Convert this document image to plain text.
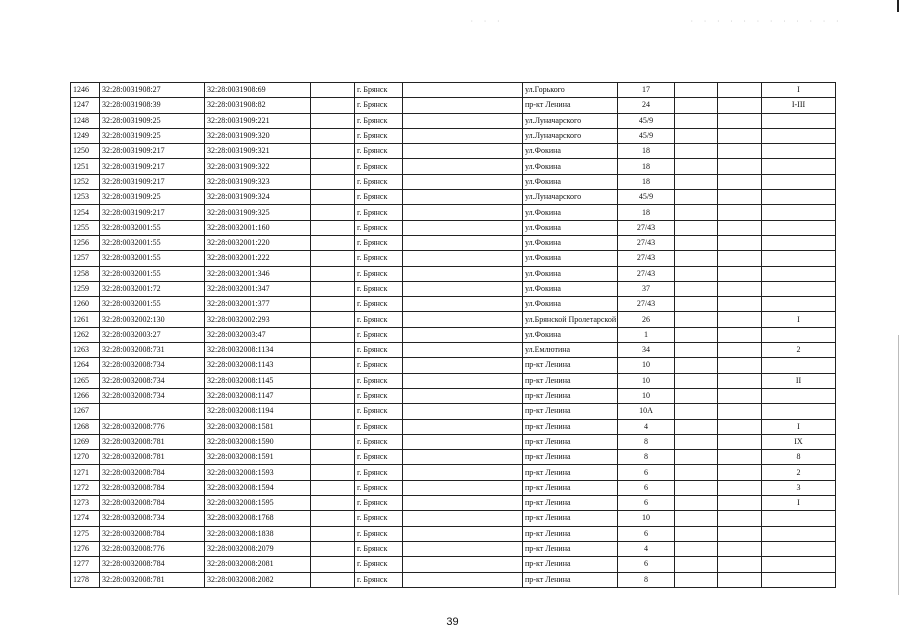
· · ·	· · · · · · · · · · · ·
1246	32:28:0031908:27	32:28:0031908:69		г. Брянск		ул.Горького	17			I
1247	32:28:0031908:39	32:28:0031908:82		г. Брянск		пр-кт Ленина	24			I-III
1248	32:28:0031909:25	32:28:0031909:221		г. Брянск		ул.Луначарского	45/9			
1249	32:28:0031909:25	32:28:0031909:320		г. Брянск		ул.Луначарского	45/9			
1250	32:28:0031909:217	32:28:0031909:321		г. Брянск		ул.Фокина	18			
1251	32:28:0031909:217	32:28:0031909:322		г. Брянск		ул.Фокина	18			
1252	32:28:0031909:217	32:28:0031909:323		г. Брянск		ул.Фокина	18			
1253	32:28:0031909:25	32:28:0031909:324		г. Брянск		ул.Луначарского	45/9			
1254	32:28:0031909:217	32:28:0031909:325		г. Брянск		ул.Фокина	18			
1255	32:28:0032001:55	32:28:0032001:160		г. Брянск		ул.Фокина	27/43			
1256	32:28:0032001:55	32:28:0032001:220		г. Брянск		ул.Фокина	27/43			
1257	32:28:0032001:55	32:28:0032001:222		г. Брянск		ул.Фокина	27/43			
1258	32:28:0032001:55	32:28:0032001:346		г. Брянск		ул.Фокина	27/43			
1259	32:28:0032001:72	32:28:0032001:347		г. Брянск		ул.Фокина	37			
1260	32:28:0032001:55	32:28:0032001:377		г. Брянск		ул.Фокина	27/43			
1261	32:28:0032002:130	32:28:0032002:293		г. Брянск		ул.Брянской Пролетарской	26			I
1262	32:28:0032003:27	32:28:0032003:47		г. Брянск		ул.Фокина	1			
1263	32:28:0032008:731	32:28:0032008:1134		г. Брянск		ул.Емлютина	34			2
1264	32:28:0032008:734	32:28:0032008:1143		г. Брянск		пр-кт Ленина	10			
1265	32:28:0032008:734	32:28:0032008:1145		г. Брянск		пр-кт Ленина	10			II
1266	32:28:0032008:734	32:28:0032008:1147		г. Брянск		пр-кт Ленина	10			
1267		32:28:0032008:1194		г. Брянск		пр-кт Ленина	10А			
1268	32:28:0032008:776	32:28:0032008:1581		г. Брянск		пр-кт Ленина	4			I
1269	32:28:0032008:781	32:28:0032008:1590		г. Брянск		пр-кт Ленина	8			IX
1270	32:28:0032008:781	32:28:0032008:1591		г. Брянск		пр-кт Ленина	8			8
1271	32:28:0032008:784	32:28:0032008:1593		г. Брянск		пр-кт Ленина	6			2
1272	32:28:0032008:784	32:28:0032008:1594		г. Брянск		пр-кт Ленина	6			3
1273	32:28:0032008:784	32:28:0032008:1595		г. Брянск		пр-кт Ленина	6			I
1274	32:28:0032008:734	32:28:0032008:1768		г. Брянск		пр-кт Ленина	10			
1275	32:28:0032008:784	32:28:0032008:1838		г. Брянск		пр-кт Ленина	6			
1276	32:28:0032008:776	32:28:0032008:2079		г. Брянск		пр-кт Ленина	4			
1277	32:28:0032008:784	32:28:0032008:2081		г. Брянск		пр-кт Ленина	6			
1278	32:28:0032008:781	32:28:0032008:2082		г. Брянск		пр-кт Ленина	8			
39
